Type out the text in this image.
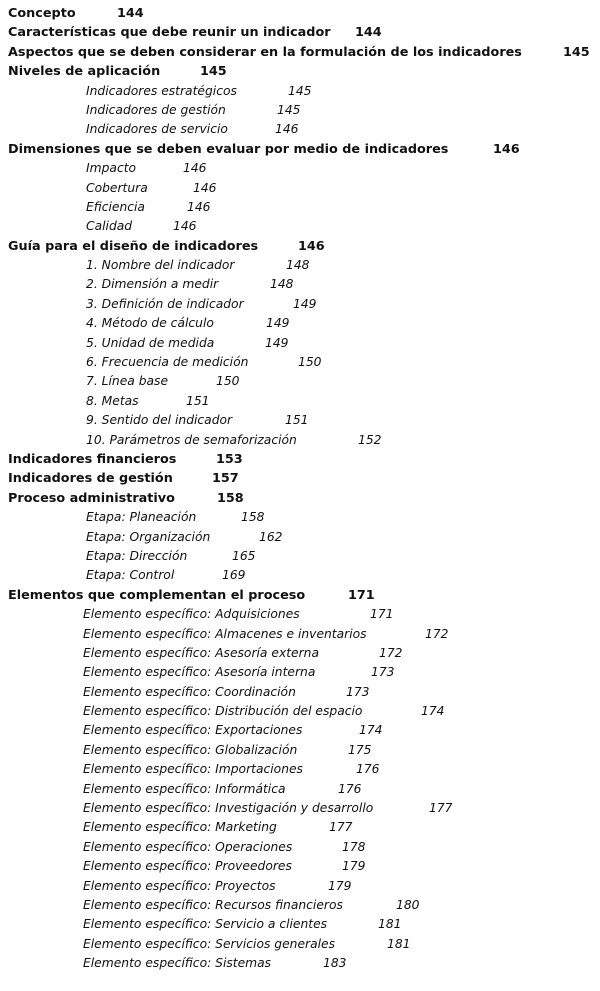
Concepto	144
Características que debe reunir un indicador 144
Aspectos que se deben considerar en la formulación de los indicadores	145
Niveles de aplicación	145
Indicadores estratégicos	145
Indicadores de gestión	145
Indicadores de servicio	146
Dimensiones que se deben evaluar por medio de indicadores	146
Impacto	146
Cobertura	146
Eficiencia	146
Calidad	146
Guía para el diseño de indicadores	146
1. Nombre del indicador	148
2. Dimensión a medir	148
3. Definición de indicador	149
4. Método de cálculo	149
5. Unidad de medida	149
6. Frecuencia de medición	150
7. Línea base	150
8. Metas	151
9. Sentido del indicador	151
10. Parámetros de semaforización	152
Indicadores financieros	153
Indicadores de gestión	157
Proceso administrativo	158
Etapa: Planeación	158
Etapa: Organización	162
Etapa: Dirección	165
Etapa: Control	169
Elementos que complementan el proceso	171
Elemento específico: Adquisiciones	171
Elemento específico: Almacenes e inventarios	172
Elemento específico: Asesoría externa	172
Elemento específico: Asesoría interna	173
Elemento específico: Coordinación	173
Elemento específico: Distribución del espacio	174
Elemento específico: Exportaciones	174
Elemento específico: Globalización	175
Elemento específico: Importaciones	176
Elemento específico: Informática	176
Elemento específico: Investigación y desarrollo	177
Elemento específico: Marketing	177
Elemento específico: Operaciones	178
Elemento específico: Proveedores	179
Elemento específico: Proyectos	179
Elemento específico: Recursos financieros	180
Elemento específico: Servicio a clientes	181
Elemento específico: Servicios generales	181
Elemento específico: Sistemas	183
